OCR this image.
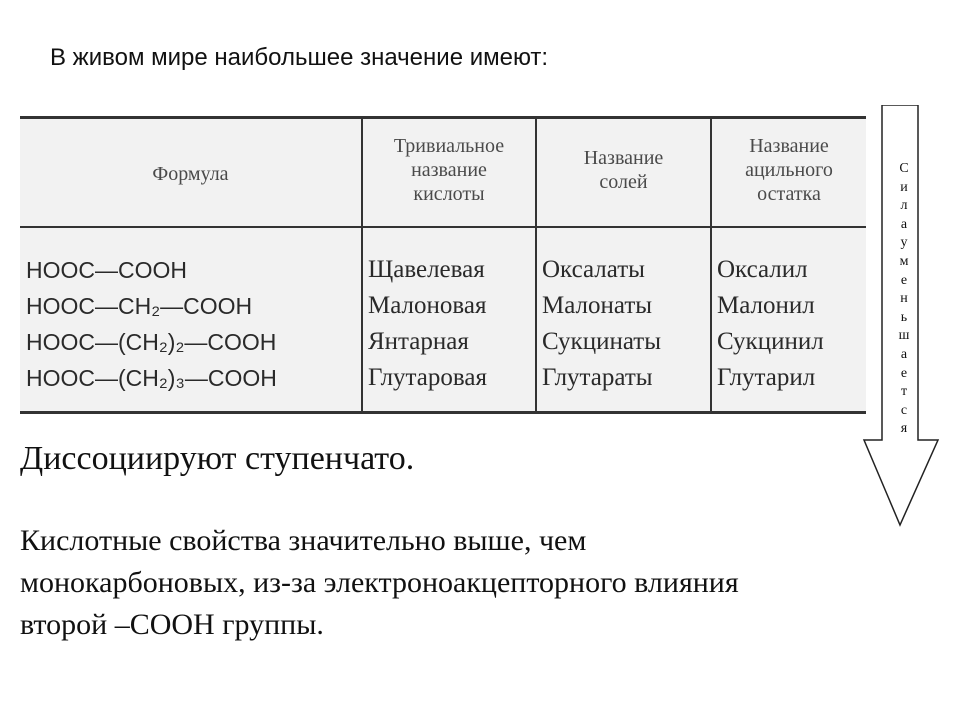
В живом мире наибольшее значение имеют:
Формула
Тривиальное
название
кислоты
Название
солей
Название
ацильного
остатка
HOOC—COOH
HOOC—CH₂—COOH
HOOC—(CH₂)₂—COOH
HOOC—(CH₂)₃—COOH
Щавелевая
Малоновая
Янтарная
Глутаровая
Оксалаты
Малонаты
Сукцинаты
Глутараты
Оксалил
Малонил
Сукцинил
Глутарил
С
и
л
а
у
м
е
н
ь
ш
а
е
т
с
я
Диссоциируют ступенчато.
Кислотные свойства значительно выше, чем
монокарбоновых, из-за электроноакцепторного влияния
второй –СООН группы.
